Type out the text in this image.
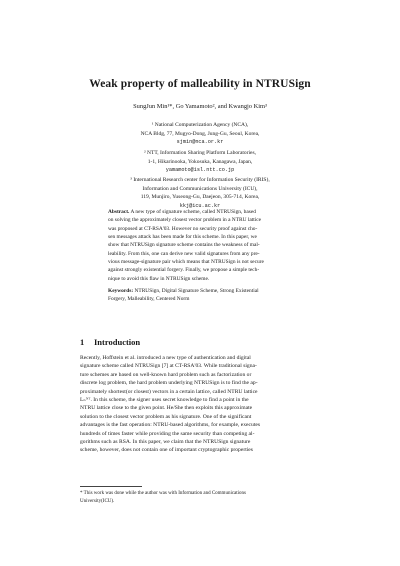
Weak property of malleability in NTRUSign
SungJun Min¹*, Go Yamamoto², and Kwangjo Kim³
¹ National Computerization Agency (NCA),
NCA Bldg, 77, Mugyo-Dong, Jung-Gu, Seoul, Korea,
sjmin@nca.or.kr
² NTT, Information Sharing Platform Laboratories,
1-1, Hikarinooka, Yokosuka, Kanagawa, Japan,
yamamoto@isl.ntt.co.jp
³ International Research center for Information Security (IRIS),
Information and Communications University (ICU),
119, Munjiro, Yuseong-Gu, Daejeon, 305-714, Korea,
kkj@icu.ac.kr
Abstract. A new type of signature scheme, called NTRUSign, based
on solving the approximately closest vector problem in a NTRU lattice
was proposed at CT-RSA'03. However no security proof against cho-
sen messages attack has been made for this scheme. In this paper, we
show that NTRUSign signature scheme contains the weakness of mal-
leability. From this, one can derive new valid signatures from any pre-
vious message-signature pair which means that NTRUSign is not secure
against strongly existential forgery. Finally, we propose a simple tech-
nique to avoid this flaw in NTRUSign scheme.
Keywords: NTRUSign, Digital Signature Scheme, Strong Existential
Forgery, Malleability, Centered Norm
1 Introduction
Recently, Hoffstein et al. introduced a new type of authentication and digital
signature scheme called NTRUSign [7] at CT-RSA'03. While traditional signa-
ture schemes are based on well-known hard problem such as factorization or
discrete log problem, the hard problem underlying NTRUSign is to find the ap-
proximately shortest(or closest) vectors in a certain lattice, called NTRU lattice
Lₙᴺᵀ. In this scheme, the signer uses secret knowledge to find a point in the
NTRU lattice close to the given point. He/She then exploits this approximate
solution to the closest vector problem as his signature. One of the significant
advantages is the fast operation: NTRU-based algorithms, for example, executes
hundreds of times faster while providing the same security than competing al-
gorithms such as RSA. In this paper, we claim that the NTRUSign signature
scheme, however, does not contain one of important cryptographic properties
* This work was done while the author was with Information and Communications
University(ICU).
